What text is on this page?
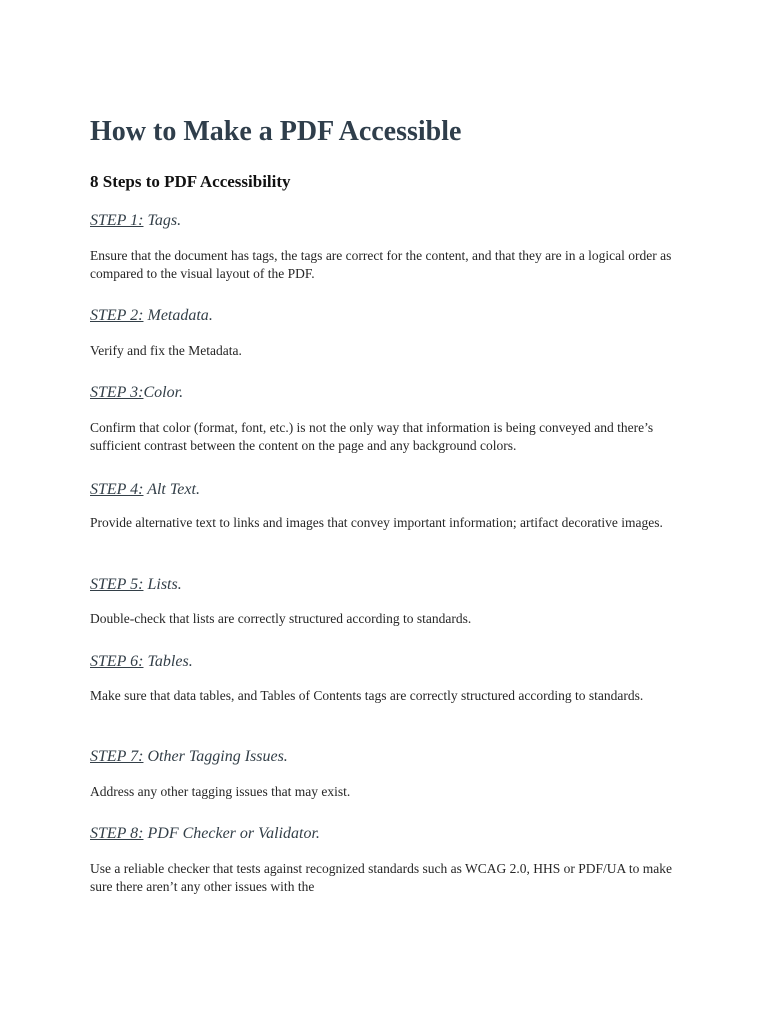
How to Make a PDF Accessible
8 Steps to PDF Accessibility
STEP 1: Tags.

Ensure that the document has tags, the tags are correct for the content, and that they are in a logical order as compared to the visual layout of the PDF.

STEP 2: Metadata.

Verify and fix the Metadata.

STEP 3:Color.

Confirm that color (format, font, etc.) is not the only way that information is being conveyed and there’s sufficient contrast between the content on the page and any background colors.

STEP 4: Alt Text.

Provide alternative text to links and images that convey important information; artifact decorative images.

STEP 5: Lists.

Double-check that lists are correctly structured according to standards.

STEP 6: Tables.

Make sure that data tables, and Tables of Contents tags are correctly structured according to standards.

STEP 7: Other Tagging Issues.

Address any other tagging issues that may exist.

STEP 8: PDF Checker or Validator.

Use a reliable checker that tests against recognized standards such as WCAG 2.0, HHS or PDF/UA to make sure there aren’t any other issues with the
